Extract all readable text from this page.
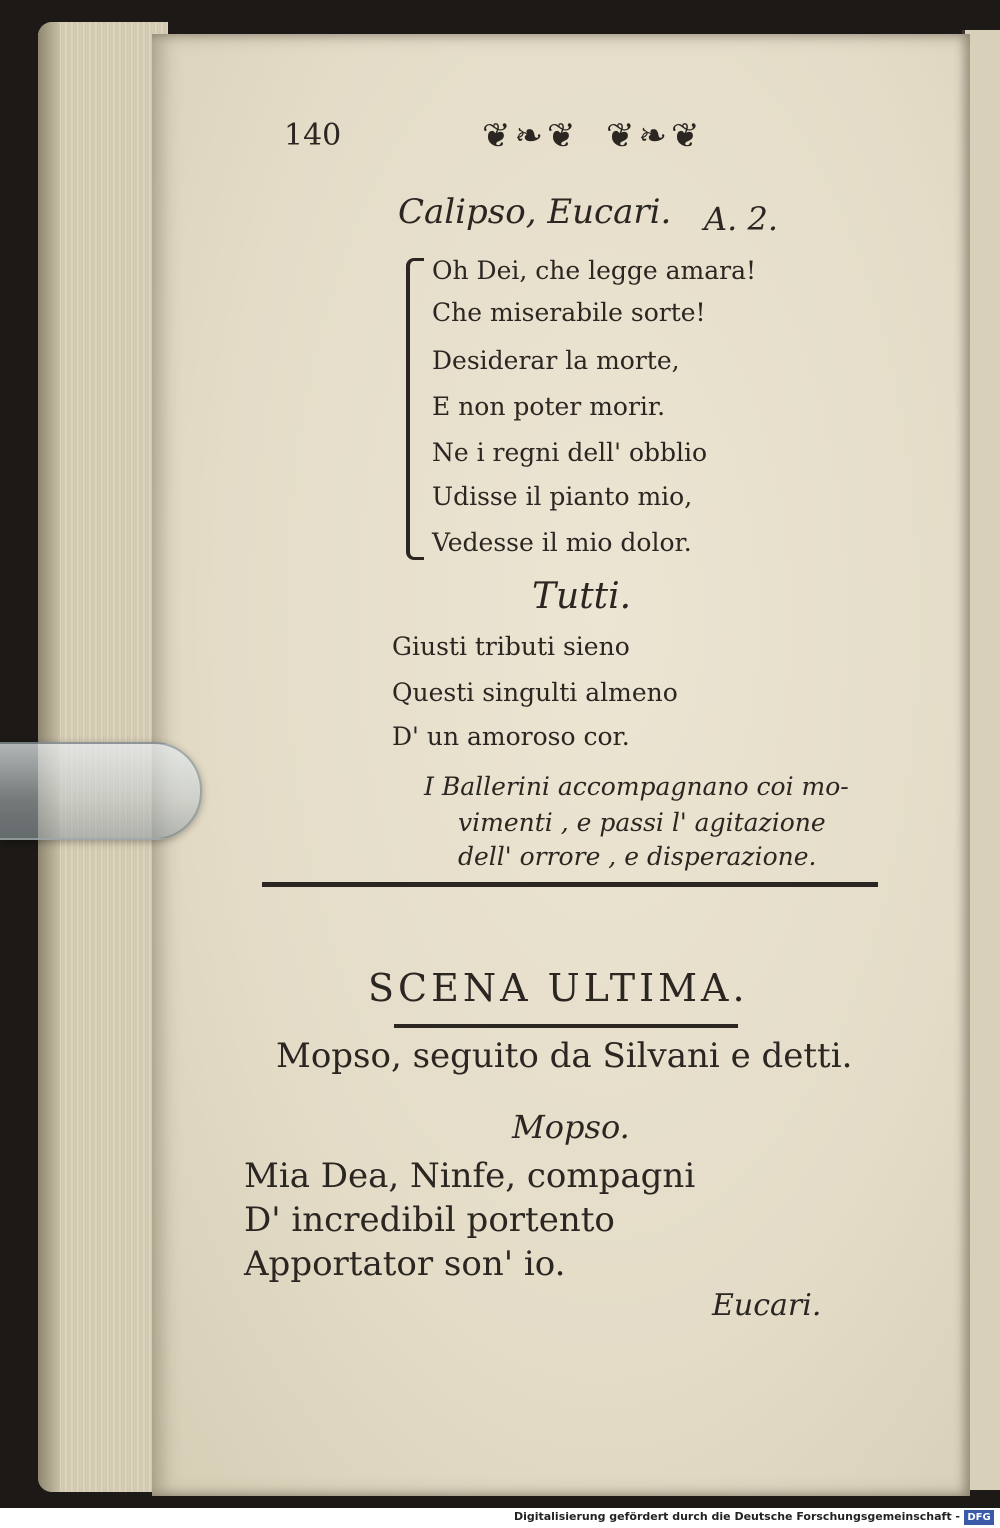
140	❦❧❦ ❦❧❦
Calipso, Eucari. A. 2.
Oh Dei, che legge amara!
Che miserabile sorte!
Desiderar la morte,
E non poter morir.
Ne i regni dell' obblio
Udisse il pianto mio,
Vedesse il mio dolor.
Tutti.
Giusti tributi sieno
Questi singulti almeno
D' un amoroso cor.
I Ballerini accompagnano coi mo-
vimenti , e passi l' agitazione
dell' orrore , e disperazione.
SCENA ULTIMA.
Mopso, seguito da Silvani e detti.
Mopso.
Mia Dea, Ninfe, compagni
D' incredibil portento
Apportator son' io.
Eucari.
Digitalisierung gefördert durch die Deutsche Forschungsgemeinschaft - DFG
